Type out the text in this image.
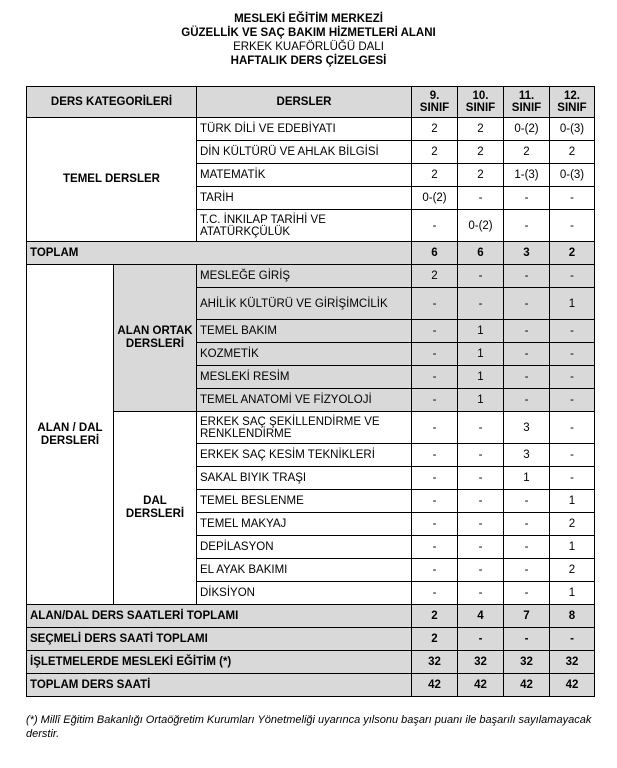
MESLEKİ EĞİTİM MERKEZİ
GÜZELLİK VE SAÇ BAKIM HİZMETLERİ ALANI
ERKEK KUAFÖRLÜĞÜ DALI
HAFTALIK DERS ÇİZELGESİ
DERS KATEGORİLERİ		DERSLER	9. SINIF	10. SINIF	11. SINIF	12. SINIF
TEMEL DERSLER		TÜRK DİLİ VE EDEBİYATI	2	2	0-(2)	0-(3)
		DİN KÜLTÜRÜ VE AHLAK BİLGİSİ	2	2	2	2
		MATEMATİK	2	2	1-(3)	0-(3)
		TARİH	0-(2)	-	-	-
		T.C. İNKILAP TARİHİ VE ATATÜRKÇÜLÜK	-	0-(2)	-	-
TOPLAM			6	6	3	2
ALAN / DAL DERSLERİ	ALAN ORTAK DERSLERİ	MESLEĞE GİRİŞ	2	-	-	-
		AHİLİK KÜLTÜRÜ VE GİRİŞİMCİLİK	-	-	-	1
		TEMEL BAKIM	-	1	-	-
		KOZMETİK	-	1	-	-
		MESLEKİ RESİM	-	1	-	-
		TEMEL ANATOMİ VE FİZYOLOJİ	-	1	-	-
	DAL DERSLERİ	ERKEK SAÇ ŞEKİLLENDİRME VE RENKLENDİRME	-	-	3	-
		ERKEK SAÇ KESİM TEKNİKLERİ	-	-	3	-
		SAKAL BIYIK TRAŞI	-	-	1	-
		TEMEL BESLENME	-	-	-	1
		TEMEL MAKYAJ	-	-	-	2
		DEPİLASYON	-	-	-	1
		EL AYAK BAKIMI	-	-	-	2
		DİKSİYON	-	-	-	1
ALAN/DAL DERS SAATLERİ TOPLAMI			2	4	7	8
SEÇMELİ DERS SAATİ TOPLAMI			2	-	-	-
İŞLETMELERDE MESLEKİ EĞİTİM (*)			32	32	32	32
TOPLAM DERS SAATİ			42	42	42	42
(*) Millî Eğitim Bakanlığı Ortaöğretim Kurumları Yönetmeliği uyarınca yılsonu başarı puanı ile başarılı sayılamayacak derstir.
